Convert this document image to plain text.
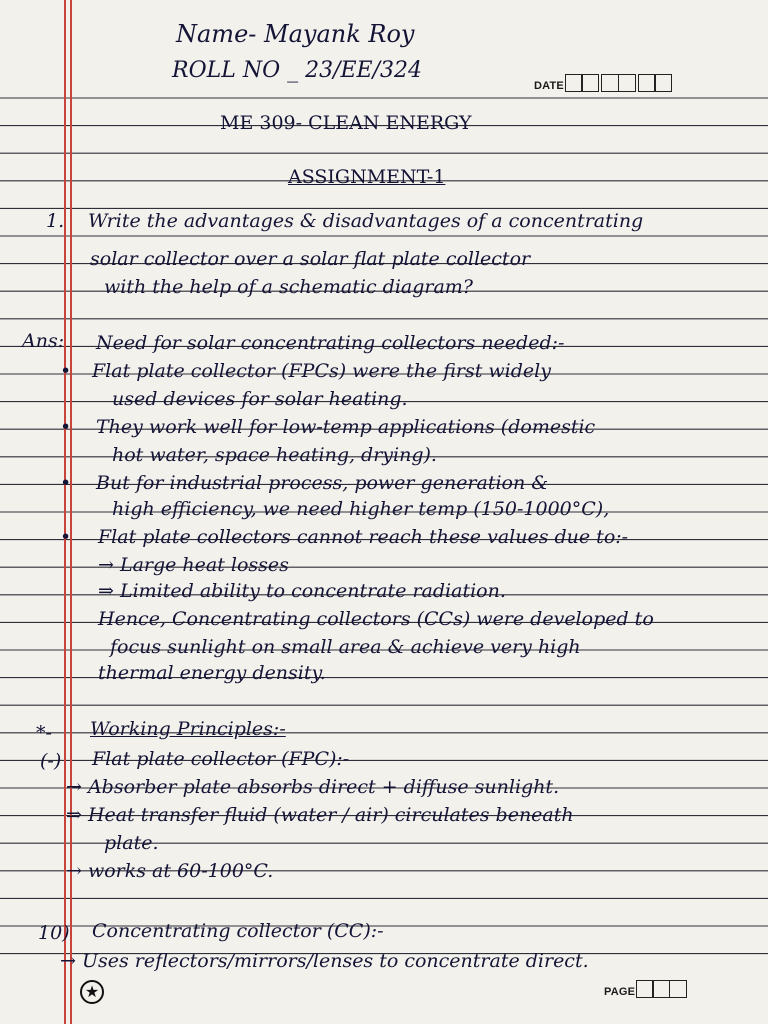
Name- Mayank Roy
ROLL NO _ 23/EE/324
DATE
ME 309- CLEAN ENERGY
ASSIGNMENT-1
1. Write the advantages & disadvantages of a concentrating
solar collector over a solar flat plate collector
with the help of a schematic diagram?
Ans: Need for solar concentrating collectors needed:-
• Flat plate collector (FPCs) were the first widely
used devices for solar heating.
• They work well for low-temp applications (domestic
hot water, space heating, drying).
• But for industrial process, power generation &
high efficiency, we need higher temp (150-1000°C),
• Flat plate collectors cannot reach these values due to:-
→ Large heat losses
⇒ Limited ability to concentrate radiation.
Hence, Concentrating collectors (CCs) were developed to
focus sunlight on small area & achieve very high
thermal energy density.
*- Working Principles:-
(-) Flat plate collector (FPC):-
→ Absorber plate absorbs direct + diffuse sunlight.
⇒ Heat transfer fluid (water / air) circulates beneath
plate.
→ works at 60-100°C.
10) Concentrating collector (CC):-
→ Uses reflectors/mirrors/lenses to concentrate direct.
★	PAGE
